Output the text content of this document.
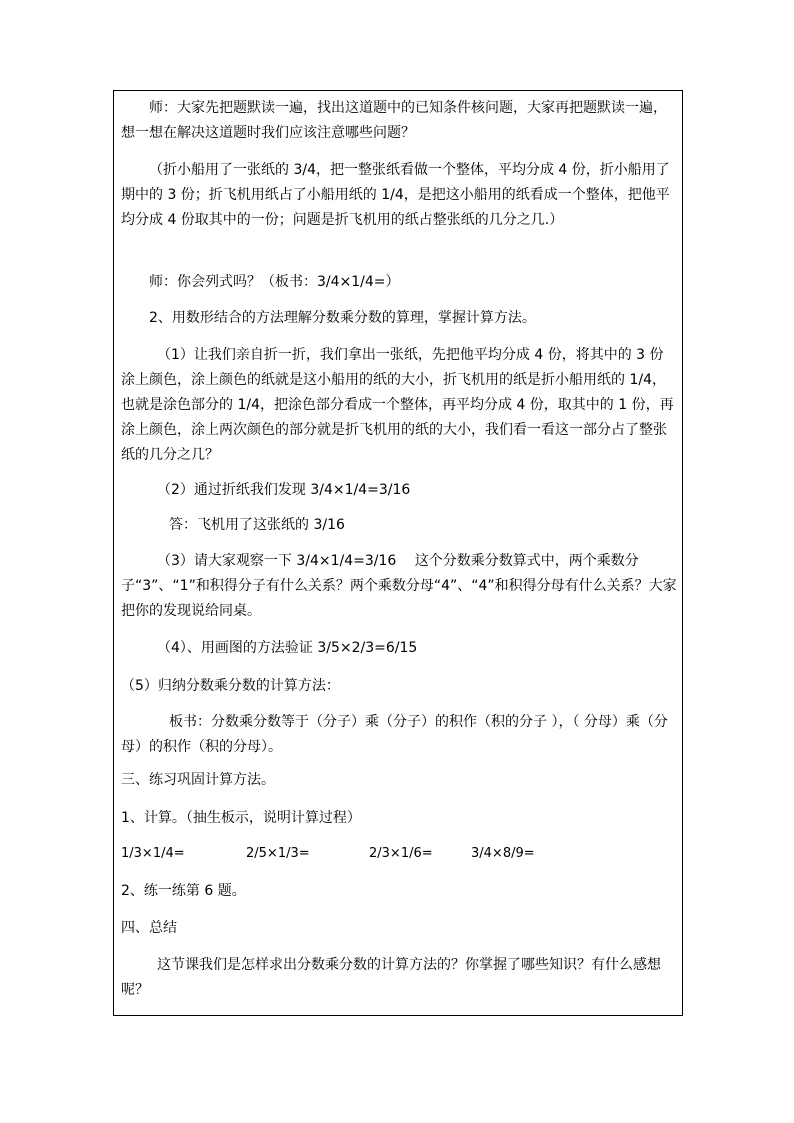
师：大家先把题默读一遍，找出这道题中的已知条件核问题，大家再把题默读一遍，想一想在解决这道题时我们应该注意哪些问题？
（折小船用了一张纸的 3/4，把一整张纸看做一个整体，平均分成 4 份，折小船用了期中的 3 份；折飞机用纸占了小船用纸的 1/4，是把这小船用的纸看成一个整体，把他平均分成 4 份取其中的一份；问题是折飞机用的纸占整张纸的几分之几.）
师：你会列式吗？（板书：3/4×1/4=）
2、用数形结合的方法理解分数乘分数的算理，掌握计算方法。
（1）让我们亲自折一折，我们拿出一张纸，先把他平均分成 4 份，将其中的 3 份涂上颜色，涂上颜色的纸就是这小船用的纸的大小，折飞机用的纸是折小船用纸的 1/4，也就是涂色部分的 1/4，把涂色部分看成一个整体，再平均分成 4 份，取其中的 1 份，再涂上颜色，涂上两次颜色的部分就是折飞机用的纸的大小，我们看一看这一部分占了整张纸的几分之几？
（2）通过折纸我们发现 3/4×1/4=3/16
答：飞机用了这张纸的 3/16
（3）请大家观察一下 3/4×1/4=3/16　 这个分数乘分数算式中，两个乘数分子“3”、“1”和积得分子有什么关系？两个乘数分母“4”、“4”和积得分母有什么关系？大家把你的发现说给同桌。
（4）、用画图的方法验证 3/5×2/3=6/15
（5）归纳分数乘分数的计算方法：
板书：分数乘分数等于（分子）乘（分子）的积作（积的分子 ），（ 分母）乘（分母）的积作（积的分母）。
三、练习巩固计算方法。
1、计算。（抽生板示，说明计算过程）
1/3×1/4=	2/5×1/3=	2/3×1/6=	3/4×8/9=
2、练一练第 6 题。
四、总结
这节课我们是怎样求出分数乘分数的计算方法的？你掌握了哪些知识？有什么感想呢？
